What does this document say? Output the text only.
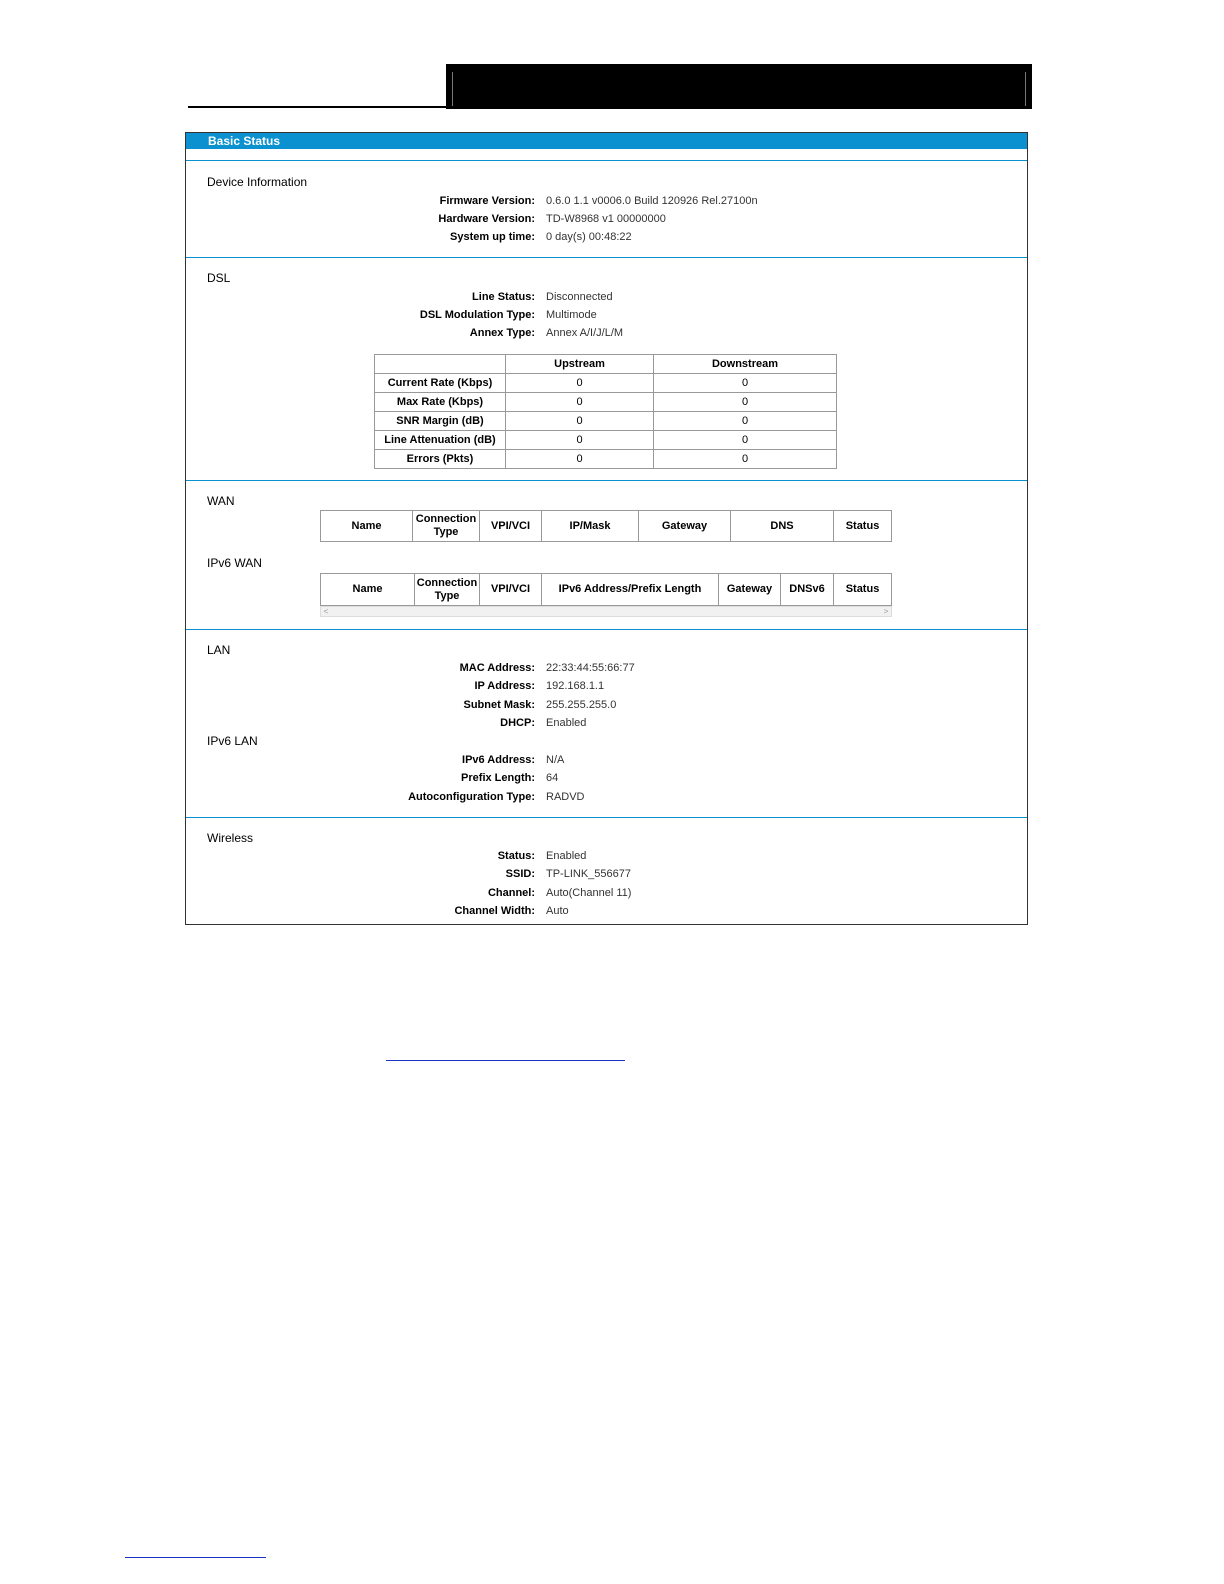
Basic Status
Device Information
Firmware Version: 0.6.0 1.1 v0006.0 Build 120926 Rel.27100n
Hardware Version: TD-W8968 v1 00000000
System up time: 0 day(s) 00:48:22
DSL
Line Status: Disconnected
DSL Modulation Type: Multimode
Annex Type: Annex A/I/J/L/M
	Upstream	Downstream
Current Rate (Kbps)	0	0
Max Rate (Kbps)	0	0
SNR Margin (dB)	0	0
Line Attenuation (dB)	0	0
Errors (Pkts)	0	0
WAN
Name	Connection Type	VPI/VCI	IP/Mask	Gateway	DNS	Status
IPv6 WAN
Name	Connection Type	VPI/VCI	IPv6 Address/Prefix Length	Gateway	DNSv6	Status
<	>
LAN
MAC Address: 22:33:44:55:66:77
IP Address: 192.168.1.1
Subnet Mask: 255.255.255.0
DHCP: Enabled
IPv6 LAN
IPv6 Address: N/A
Prefix Length: 64
Autoconfiguration Type: RADVD
Wireless
Status: Enabled
SSID: TP-LINK_556677
Channel: Auto(Channel 11)
Channel Width: Auto
